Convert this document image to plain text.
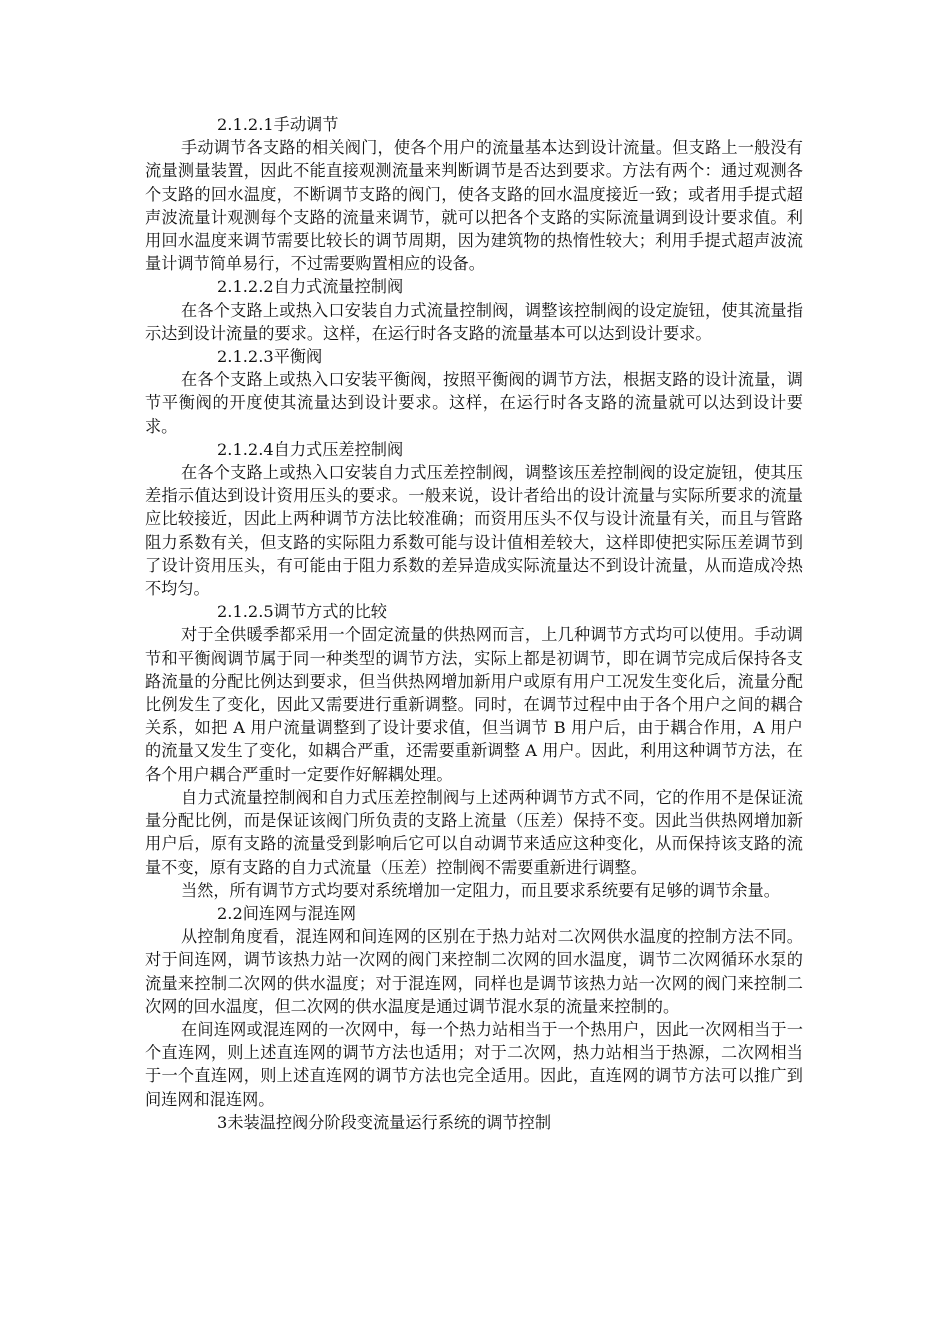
2.1.2.1手动调节

手动调节各支路的相关阀门，使各个用户的流量基本达到设计流量。但支路上一般没有流量测量装置，因此不能直接观测流量来判断调节是否达到要求。方法有两个：通过观测各个支路的回水温度，不断调节支路的阀门，使各支路的回水温度接近一致；或者用手提式超声波流量计观测每个支路的流量来调节，就可以把各个支路的实际流量调到设计要求值。利用回水温度来调节需要比较长的调节周期，因为建筑物的热惰性较大；利用手提式超声波流量计调节简单易行，不过需要购置相应的设备。

2.1.2.2自力式流量控制阀

在各个支路上或热入口安装自力式流量控制阀，调整该控制阀的设定旋钮，使其流量指示达到设计流量的要求。这样，在运行时各支路的流量基本可以达到设计要求。

2.1.2.3平衡阀

在各个支路上或热入口安装平衡阀，按照平衡阀的调节方法，根据支路的设计流量，调节平衡阀的开度使其流量达到设计要求。这样，在运行时各支路的流量就可以达到设计要求。

2.1.2.4自力式压差控制阀

在各个支路上或热入口安装自力式压差控制阀，调整该压差控制阀的设定旋钮，使其压差指示值达到设计资用压头的要求。一般来说，设计者给出的设计流量与实际所要求的流量应比较接近，因此上两种调节方法比较准确；而资用压头不仅与设计流量有关，而且与管路阻力系数有关，但支路的实际阻力系数可能与设计值相差较大，这样即使把实际压差调节到了设计资用压头，有可能由于阻力系数的差异造成实际流量达不到设计流量，从而造成冷热不均匀。

2.1.2.5调节方式的比较

对于全供暖季都采用一个固定流量的供热网而言，上几种调节方式均可以使用。手动调节和平衡阀调节属于同一种类型的调节方法，实际上都是初调节，即在调节完成后保持各支路流量的分配比例达到要求，但当供热网增加新用户或原有用户工况发生变化后，流量分配比例发生了变化，因此又需要进行重新调整。同时，在调节过程中由于各个用户之间的耦合关系，如把 A 用户流量调整到了设计要求值，但当调节 B 用户后，由于耦合作用，A 用户的流量又发生了变化，如耦合严重，还需要重新调整 A 用户。因此，利用这种调节方法，在各个用户耦合严重时一定要作好解耦处理。

自力式流量控制阀和自力式压差控制阀与上述两种调节方式不同，它的作用不是保证流量分配比例，而是保证该阀门所负责的支路上流量（压差）保持不变。因此当供热网增加新用户后，原有支路的流量受到影响后它可以自动调节来适应这种变化，从而保持该支路的流量不变，原有支路的自力式流量（压差）控制阀不需要重新进行调整。

当然，所有调节方式均要对系统增加一定阻力，而且要求系统要有足够的调节余量。

2.2间连网与混连网

从控制角度看，混连网和间连网的区别在于热力站对二次网供水温度的控制方法不同。对于间连网，调节该热力站一次网的阀门来控制二次网的回水温度，调节二次网循环水泵的流量来控制二次网的供水温度；对于混连网，同样也是调节该热力站一次网的阀门来控制二次网的回水温度，但二次网的供水温度是通过调节混水泵的流量来控制的。

在间连网或混连网的一次网中，每一个热力站相当于一个热用户，因此一次网相当于一个直连网，则上述直连网的调节方法也适用；对于二次网，热力站相当于热源，二次网相当于一个直连网，则上述直连网的调节方法也完全适用。因此，直连网的调节方法可以推广到间连网和混连网。

3未装温控阀分阶段变流量运行系统的调节控制
